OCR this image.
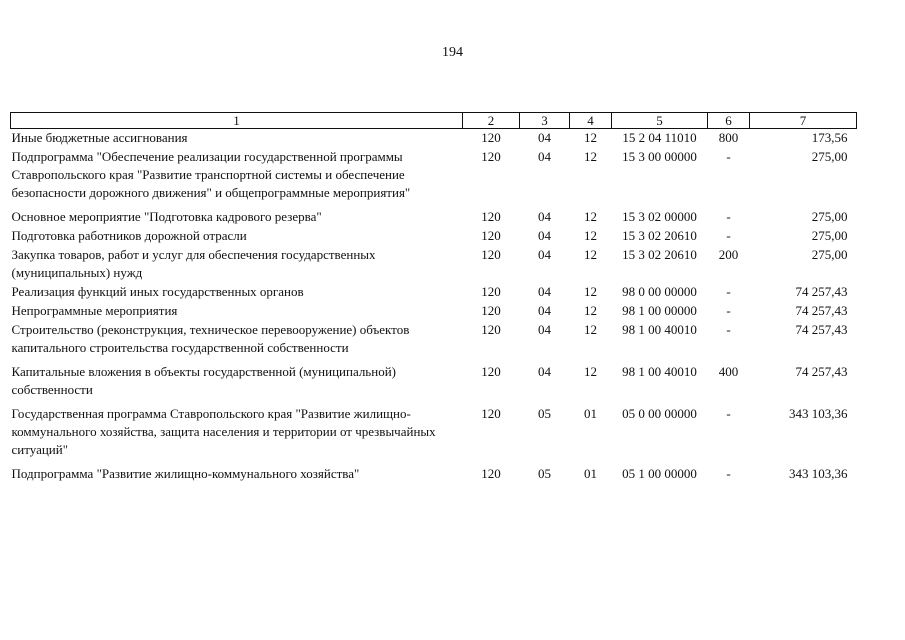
194
1	2	3	4	5	6	7
Иные бюджетные ассигнования	120	04	12	15 2 04 11010	800	173,56
Подпрограмма "Обеспечение реализации государственной программы Ставропольского края "Развитие транспортной системы и обеспечение безопасности дорожного движения" и общепрограммные мероприятия"	120	04	12	15 3 00 00000	-	275,00
Основное мероприятие "Подготовка кадрового резерва"	120	04	12	15 3 02 00000	-	275,00
Подготовка работников дорожной отрасли	120	04	12	15 3 02 20610	-	275,00
Закупка товаров, работ и услуг для обеспечения государственных (муниципальных) нужд	120	04	12	15 3 02 20610	200	275,00
Реализация функций иных государственных органов	120	04	12	98 0 00 00000	-	74 257,43
Непрограммные мероприятия	120	04	12	98 1 00 00000	-	74 257,43
Строительство (реконструкция, техническое перевооружение) объектов капитального строительства государственной собственности	120	04	12	98 1 00 40010	-	74 257,43
Капитальные вложения в объекты государственной (муниципальной) собственности	120	04	12	98 1 00 40010	400	74 257,43
Государственная программа Ставропольского края "Развитие жилищно-коммунального хозяйства, защита населения и территории от чрезвычайных ситуаций"	120	05	01	05 0 00 00000	-	343 103,36
Подпрограмма "Развитие жилищно-коммунального хозяйства"	120	05	01	05 1 00 00000	-	343 103,36
